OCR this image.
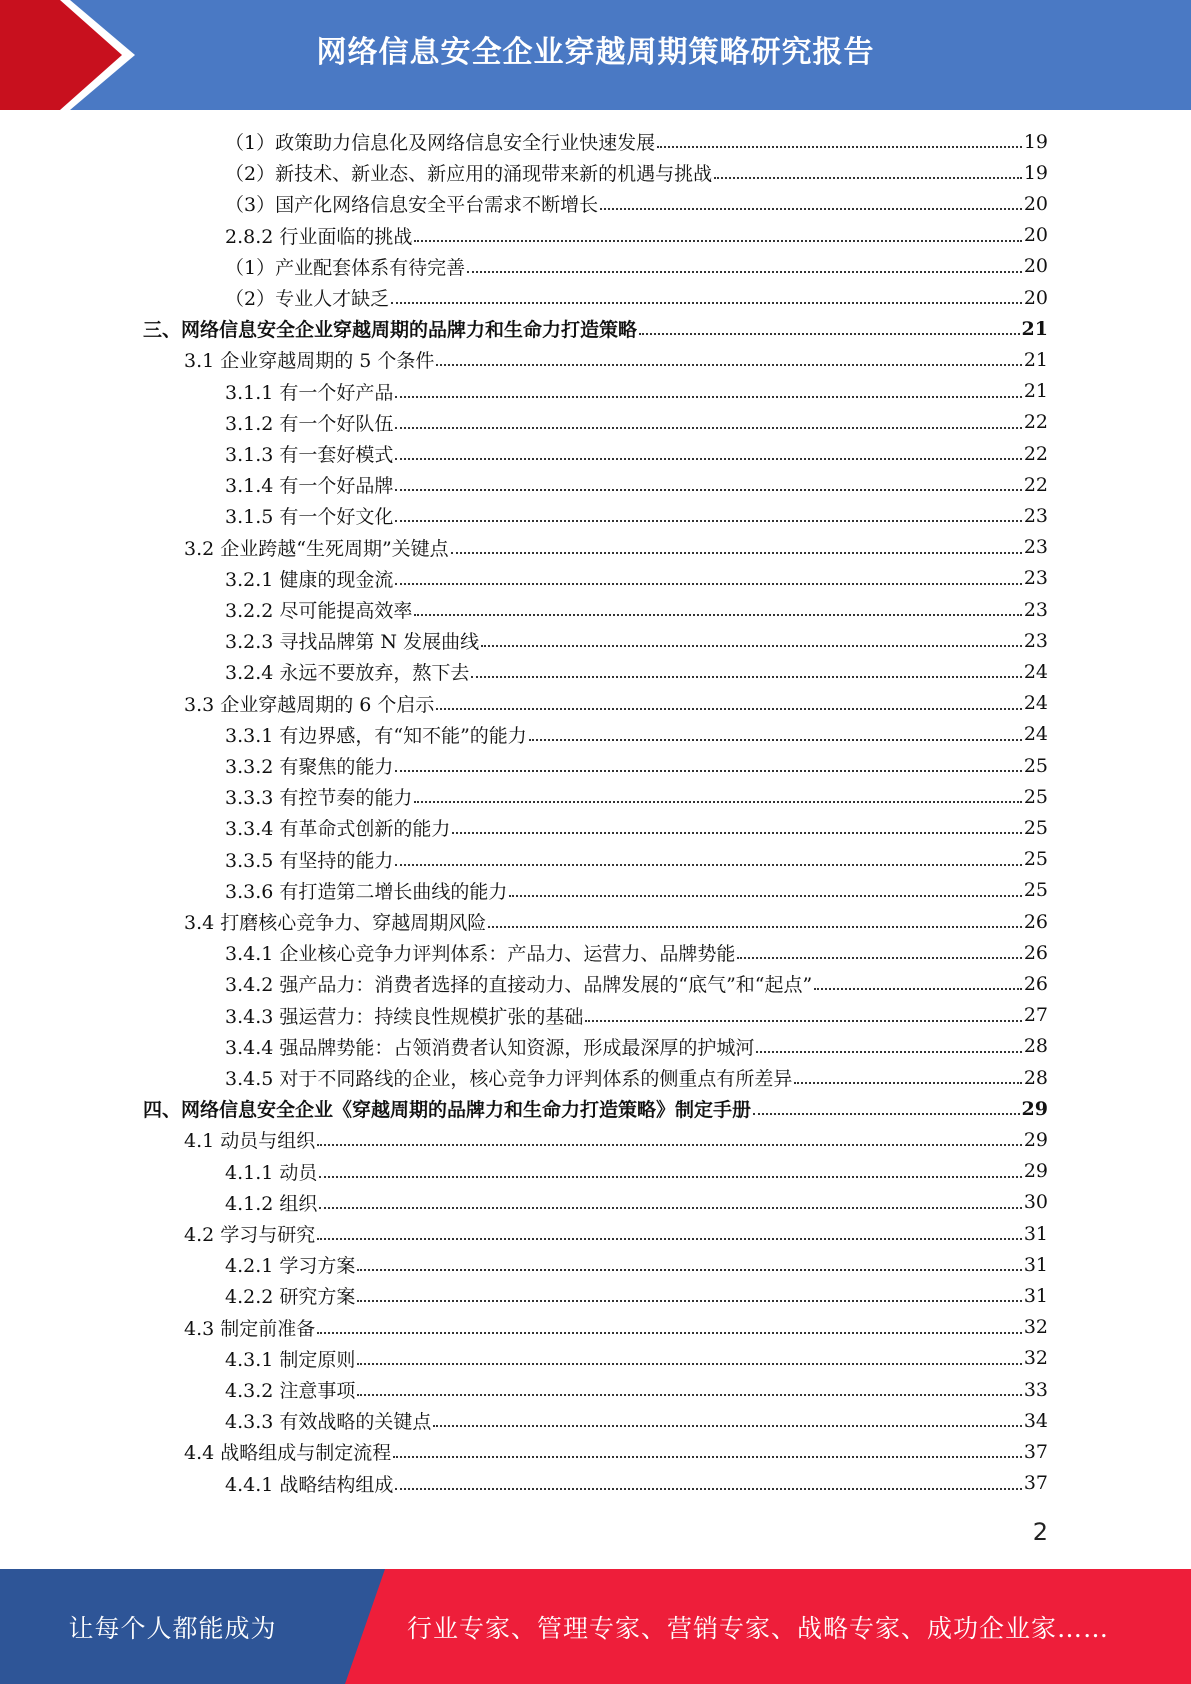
网络信息安全企业穿越周期策略研究报告
（1）政策助力信息化及网络信息安全行业快速发展	19
（2）新技术、新业态、新应用的涌现带来新的机遇与挑战	19
（3）国产化网络信息安全平台需求不断增长	20
2.8.2 行业面临的挑战	20
（1）产业配套体系有待完善	20
（2）专业人才缺乏	20
三、网络信息安全企业穿越周期的品牌力和生命力打造策略	21
3.1 企业穿越周期的 5 个条件	21
3.1.1 有一个好产品	21
3.1.2 有一个好队伍	22
3.1.3 有一套好模式	22
3.1.4 有一个好品牌	22
3.1.5 有一个好文化	23
3.2 企业跨越“生死周期”关键点	23
3.2.1 健康的现金流	23
3.2.2 尽可能提高效率	23
3.2.3 寻找品牌第 N 发展曲线	23
3.2.4 永远不要放弃，熬下去	24
3.3 企业穿越周期的 6 个启示	24
3.3.1 有边界感，有“知不能”的能力	24
3.3.2 有聚焦的能力	25
3.3.3 有控节奏的能力	25
3.3.4 有革命式创新的能力	25
3.3.5 有坚持的能力	25
3.3.6 有打造第二增长曲线的能力	25
3.4 打磨核心竞争力、穿越周期风险	26
3.4.1 企业核心竞争力评判体系：产品力、运营力、品牌势能	26
3.4.2 强产品力：消费者选择的直接动力、品牌发展的“底气”和“起点”	26
3.4.3 强运营力：持续良性规模扩张的基础	27
3.4.4 强品牌势能：占领消费者认知资源，形成最深厚的护城河	28
3.4.5 对于不同路线的企业，核心竞争力评判体系的侧重点有所差异	28
四、网络信息安全企业《穿越周期的品牌力和生命力打造策略》制定手册	29
4.1 动员与组织	29
4.1.1 动员	29
4.1.2 组织	30
4.2 学习与研究	31
4.2.1 学习方案	31
4.2.2 研究方案	31
4.3 制定前准备	32
4.3.1 制定原则	32
4.3.2 注意事项	33
4.3.3 有效战略的关键点	34
4.4 战略组成与制定流程	37
4.4.1 战略结构组成	37
2
让每个人都能成为	行业专家、管理专家、营销专家、战略专家、成功企业家……
